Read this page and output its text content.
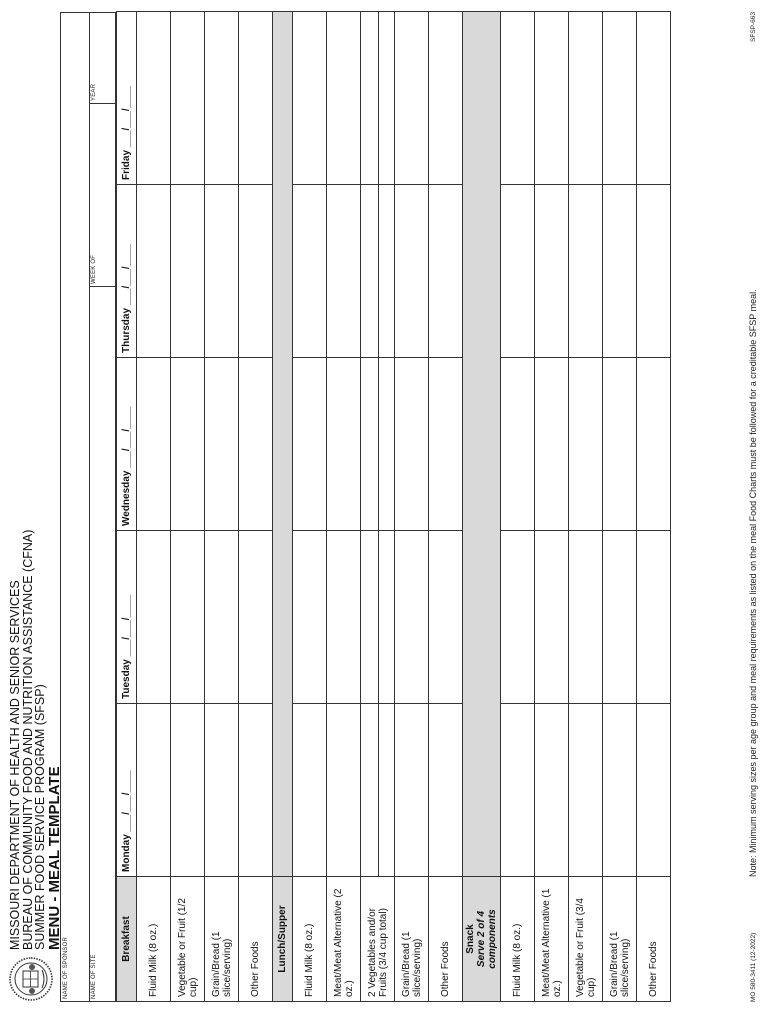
MISSOURI DEPARTMENT OF HEALTH AND SENIOR SERVICES
BUREAU OF COMMUNITY FOOD AND NUTRITION ASSISTANCE (CFNA)
SUMMER FOOD SERVICE PROGRAM (SFSP)
MENU - MEAL TEMPLATE
NAME OF SPONSOR	NAME OF SITE
WEEK OF
YEAR
Breakfast	Monday ___/___/____	Tuesday ___/___/____	Wednesday ___/___/____	Thursday ___/___/____	Friday ___/___/____
Fluid Milk (8 oz.)					
Vegetable or Fruit (1/2 cup)					
Grain/Bread (1 slice/serving)					
Other Foods					
Lunch/Supper					
Fluid Milk (8 oz.)					
Meat/Meat Alternative (2 oz.)					
2 Vegetables and/or Fruits (3/4 cup total)	

Grain/Bread (1 slice/serving)					
Other Foods					

Snack Serve 2 of 4 components					

Fluid Milk (8 oz.)					
Meat/Meat Alternative (1 oz.)					
Vegetable or Fruit (3/4 cup)					
Grain/Bread (1 slice/serving)					
Other Foods						MO 580-3411 (12-2022)
Note: Minimum serving sizes per age group and meal requirements as listed on the meal Food Charts must be followed for a creditable SFSP meal.
SFSP-663
